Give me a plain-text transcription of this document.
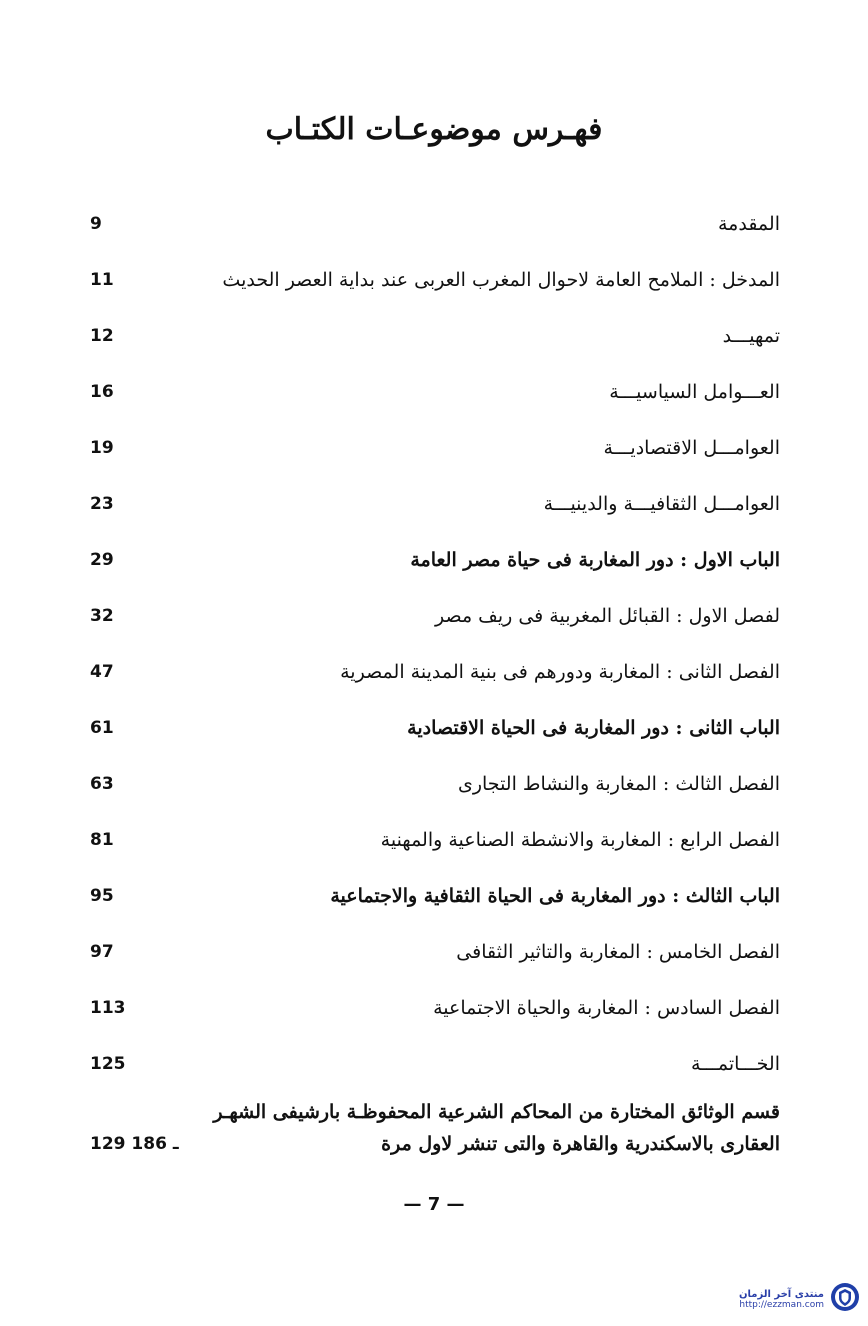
فهـرس موضوعـات الكتـاب
المقدمة
9
المدخل : الملامح العامة لاحوال المغرب العربى عند بداية العصر الحديث
11
تمهيـــد
12
العـــوامل السياسيـــة
16
العوامـــل الاقتصاديـــة
19
العوامـــل الثقافيـــة والدينيـــة
23
الباب الاول : دور المغاربة فى حياة مصر العامة
29
لفصل الاول : القبائل المغربية فى ريف مصر
32
الفصل الثانى : المغاربة ودورهم فى بنية المدينة المصرية
47
الباب الثانى : دور المغاربة فى الحياة الاقتصادية
61
الفصل الثالث : المغاربة والنشاط التجارى
63
الفصل الرابع : المغاربة والانشطة الصناعية والمهنية
81
الباب الثالث : دور المغاربة فى الحياة الثقافية والاجتماعية
95
الفصل الخامس : المغاربة والتاثير الثقافى
97
الفصل السادس : المغاربة والحياة الاجتماعية
113
الخـــاتمـــة
125
قسم الوثائق المختارة من المحاكم الشرعية المحفوظـة بارشيفى الشهـر
العقارى بالاسكندرية والقاهرة والتى تنشر لاول مرة
129 ـ 186
— 7 —
منتدى آخر الزمان
http://ezzman.com
